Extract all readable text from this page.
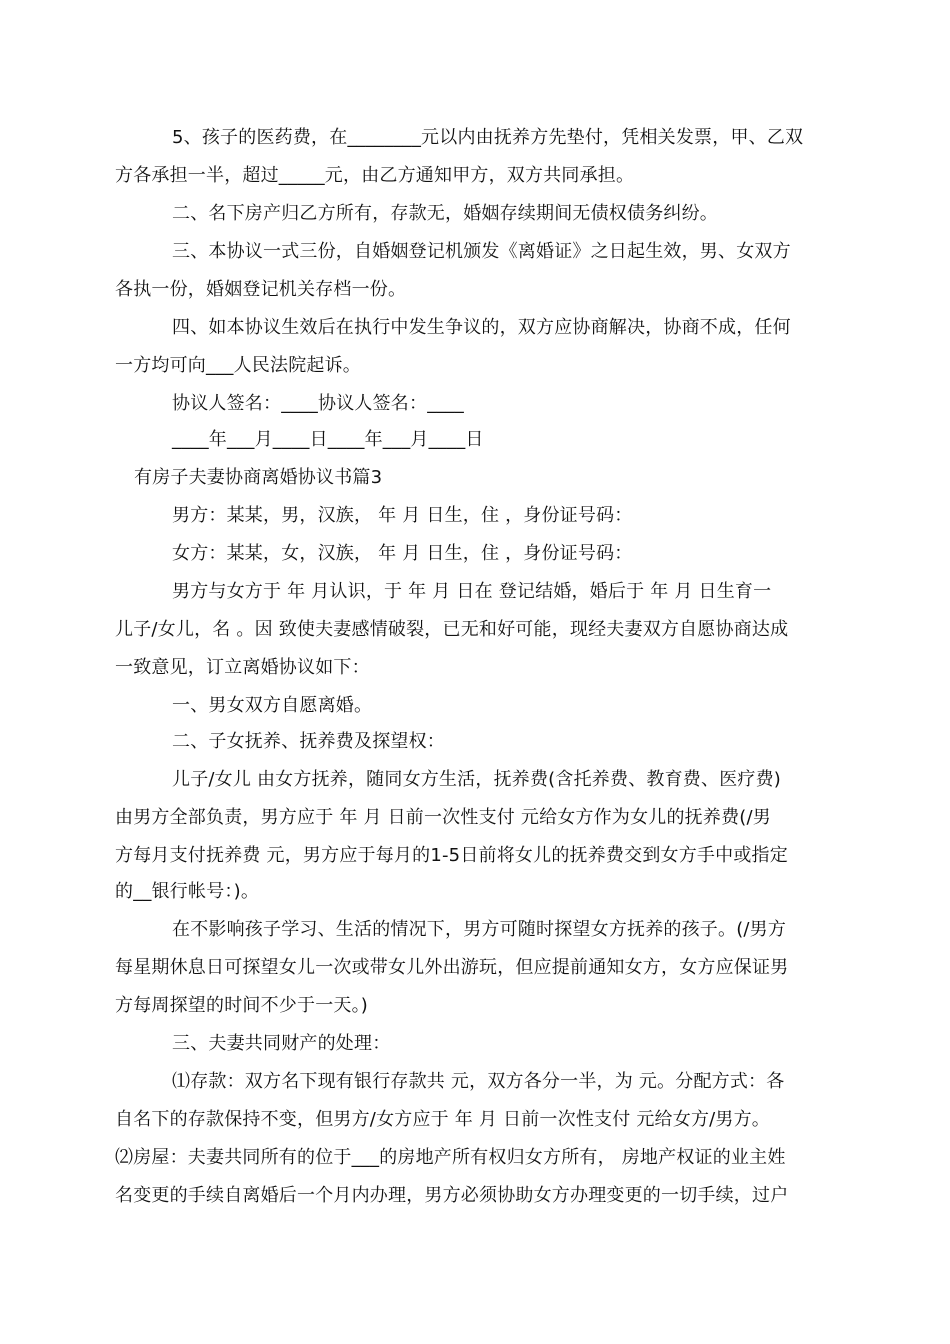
5、孩子的医药费，在________元以内由抚养方先垫付，凭相关发票，甲、乙双
方各承担一半，超过_____元，由乙方通知甲方，双方共同承担。
二、名下房产归乙方所有，存款无，婚姻存续期间无债权债务纠纷。
三、本协议一式三份，自婚姻登记机颁发《离婚证》之日起生效，男、女双方
各执一份，婚姻登记机关存档一份。
四、如本协议生效后在执行中发生争议的，双方应协商解决，协商不成，任何
一方均可向___人民法院起诉。
协议人签名：____协议人签名：____
____年___月____日____年___月____日
有房子夫妻协商离婚协议书篇3
男方：某某，男，汉族， 年 月 日生，住 ，身份证号码：
女方：某某，女，汉族， 年 月 日生，住 ，身份证号码：
男方与女方于 年 月认识，于 年 月 日在 登记结婚，婚后于 年 月 日生育一
儿子/女儿，名 。因 致使夫妻感情破裂，已无和好可能，现经夫妻双方自愿协商达成
一致意见，订立离婚协议如下：
一、男女双方自愿离婚。
二、子女抚养、抚养费及探望权：
儿子/女儿 由女方抚养，随同女方生活，抚养费(含托养费、教育费、医疗费)
由男方全部负责，男方应于 年 月 日前一次性支付 元给女方作为女儿的抚养费(/男
方每月支付抚养费 元，男方应于每月的1-5日前将女儿的抚养费交到女方手中或指定
的__银行帐号：)。
在不影响孩子学习、生活的情况下，男方可随时探望女方抚养的孩子。(/男方
每星期休息日可探望女儿一次或带女儿外出游玩，但应提前通知女方，女方应保证男
方每周探望的时间不少于一天。)
三、夫妻共同财产的处理：
⑴存款：双方名下现有银行存款共 元，双方各分一半，为 元。分配方式：各
自名下的存款保持不变，但男方/女方应于 年 月 日前一次性支付 元给女方/男方。
⑵房屋：夫妻共同所有的位于___的房地产所有权归女方所有， 房地产权证的业主姓
名变更的手续自离婚后一个月内办理，男方必须协助女方办理变更的一切手续，过户
